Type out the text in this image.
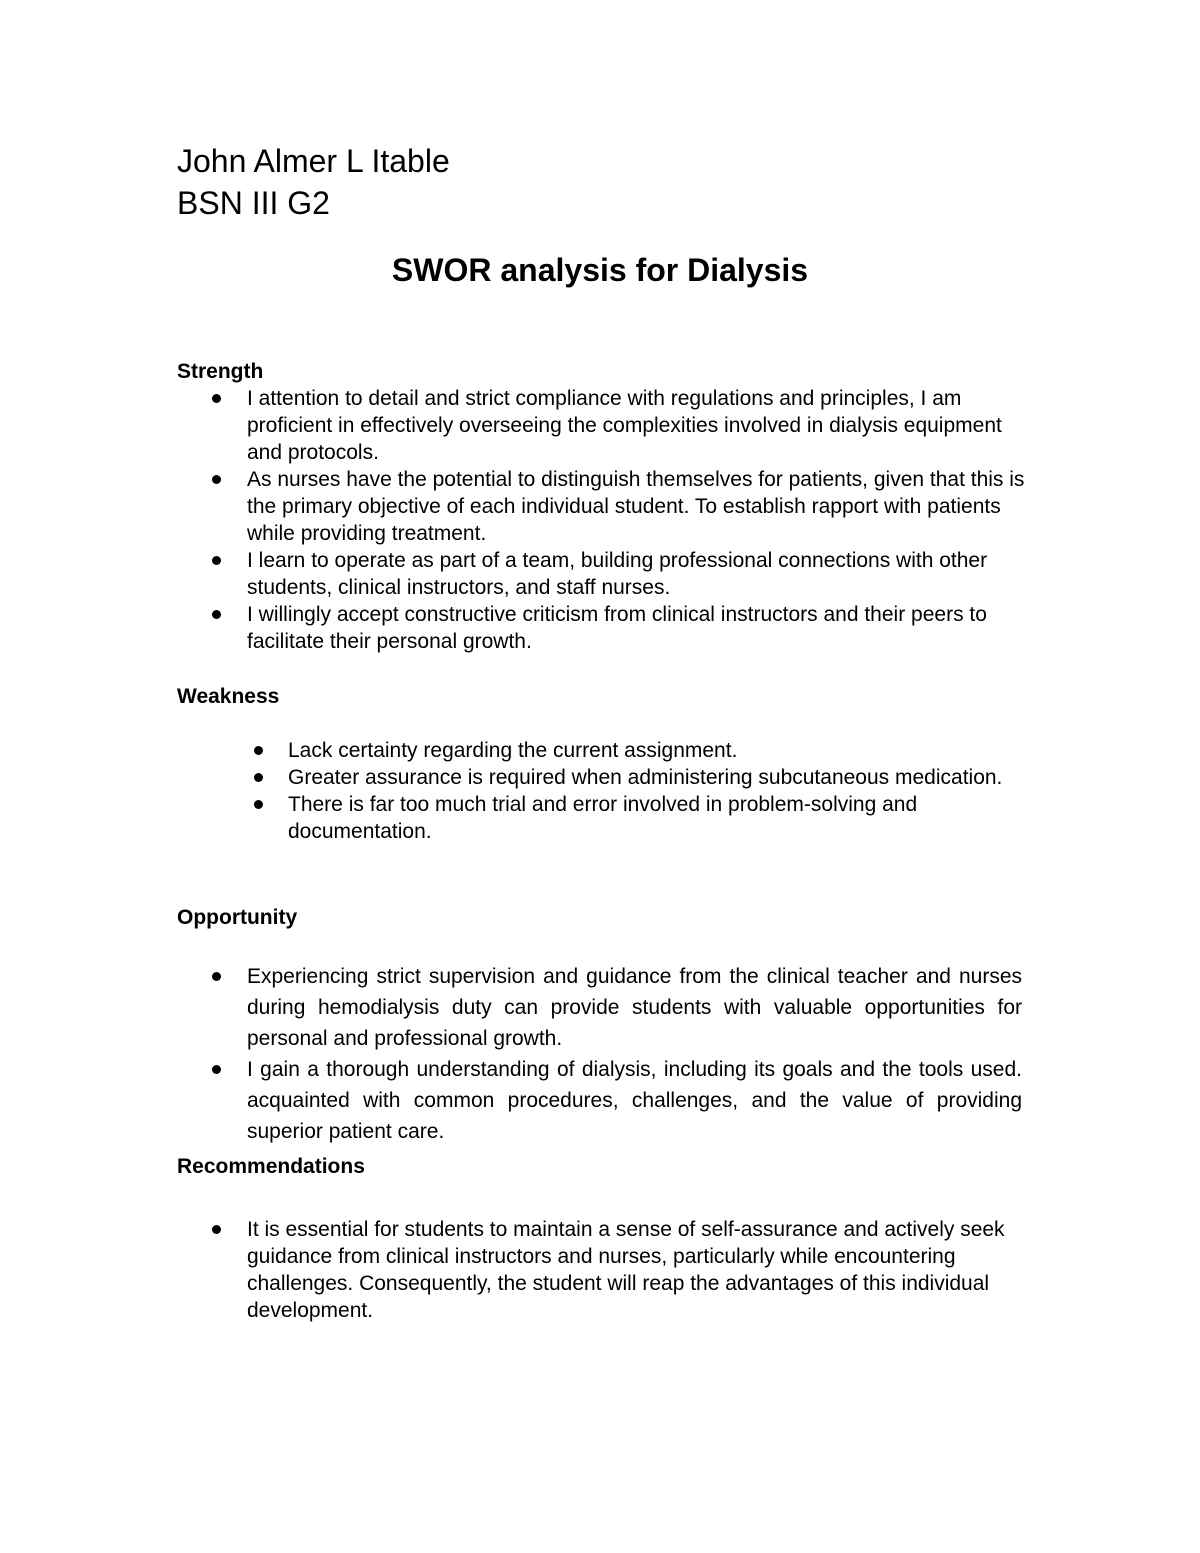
John Almer L Itable
BSN III G2
SWOR analysis for Dialysis
Strength
I attention to detail and strict compliance with regulations and principles, I am proficient in effectively overseeing the complexities involved in dialysis equipment and protocols.
As nurses have the potential to distinguish themselves for patients, given that this is the primary objective of each individual student. To establish rapport with patients while providing treatment.
I learn to operate as part of a team, building professional connections with other students, clinical instructors, and staff nurses.
I willingly accept constructive criticism from clinical instructors and their peers to facilitate their personal growth.
Weakness
Lack certainty regarding the current assignment.
Greater assurance is required when administering subcutaneous medication.
There is far too much trial and error involved in problem-solving and documentation.
Opportunity
Experiencing strict supervision and guidance from the clinical teacher and nurses during hemodialysis duty can provide students with valuable opportunities for personal and professional growth.
I gain a thorough understanding of dialysis, including its goals and the tools used. acquainted with common procedures, challenges, and the value of providing superior patient care.
Recommendations
It is essential for students to maintain a sense of self-assurance and actively seek guidance from clinical instructors and nurses, particularly while encountering challenges. Consequently, the student will reap the advantages of this individual development.
